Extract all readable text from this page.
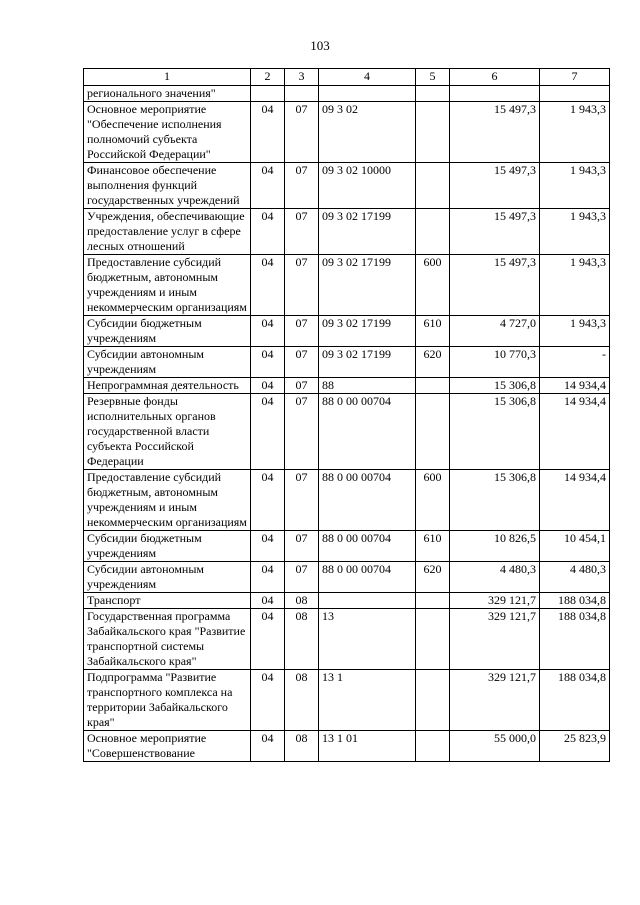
103
1	2	3	4	5	6	7
регионального значения"						
Основное мероприятие "Обеспечение исполнения полномочий субъекта Российской Федерации"	04	07	09 3 02		15 497,3	1 943,3
Финансовое обеспечение выполнения функций государственных учреждений	04	07	09 3 02 10000		15 497,3	1 943,3
Учреждения, обеспечивающие предоставление услуг в сфере лесных отношений	04	07	09 3 02 17199		15 497,3	1 943,3
Предоставление субсидий бюджетным, автономным учреждениям и иным некоммерческим организациям	04	07	09 3 02 17199	600	15 497,3	1 943,3
Субсидии бюджетным учреждениям	04	07	09 3 02 17199	610	4 727,0	1 943,3
Субсидии автономным учреждениям	04	07	09 3 02 17199	620	10 770,3	-
Непрограммная деятельность	04	07	88		15 306,8	14 934,4
Резервные фонды исполнительных органов государственной власти субъекта Российской Федерации	04	07	88 0 00 00704		15 306,8	14 934,4
Предоставление субсидий бюджетным, автономным учреждениям и иным некоммерческим организациям	04	07	88 0 00 00704	600	15 306,8	14 934,4
Субсидии бюджетным учреждениям	04	07	88 0 00 00704	610	10 826,5	10 454,1
Субсидии автономным учреждениям	04	07	88 0 00 00704	620	4 480,3	4 480,3
Транспорт	04	08			329 121,7	188 034,8
Государственная программа Забайкальского края "Развитие транспортной системы Забайкальского края"	04	08	13		329 121,7	188 034,8
Подпрограмма "Развитие транспортного комплекса на территории Забайкальского края"	04	08	13 1		329 121,7	188 034,8
Основное мероприятие "Совершенствование	04	08	13 1 01		55 000,0	25 823,9
